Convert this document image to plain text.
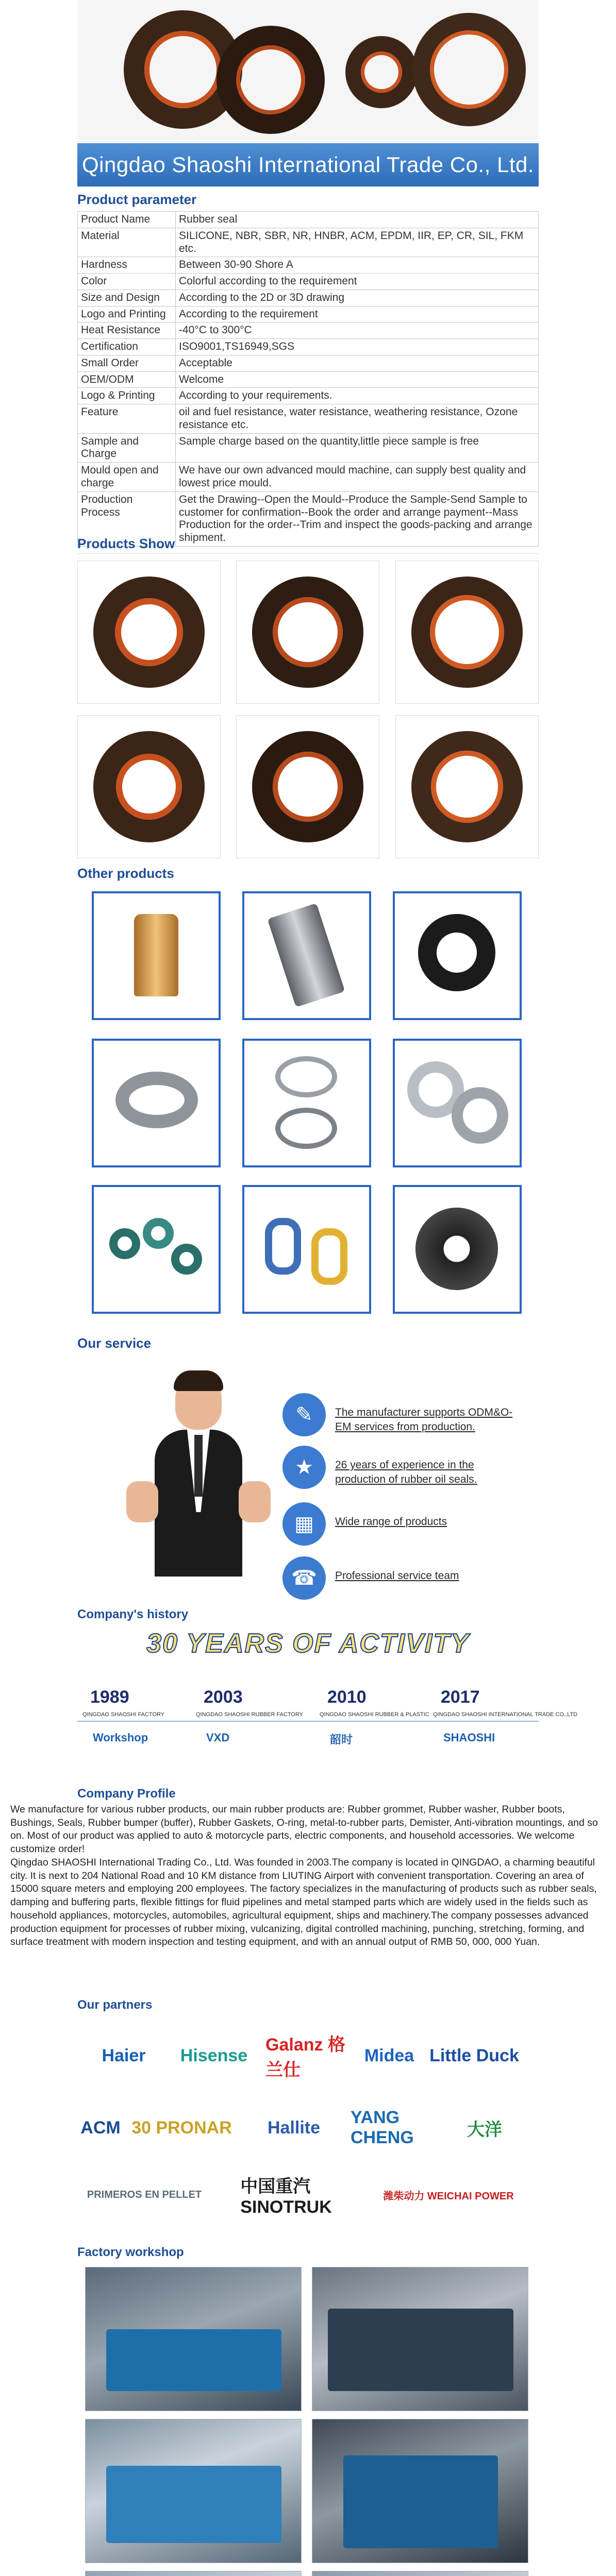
Qingdao Shaoshi International Trade Co., Ltd.
Product parameter
Product Name	Rubber seal
Material	SILICONE, NBR, SBR, NR, HNBR, ACM, EPDM, IIR, EP, CR, SIL, FKM etc.
Hardness	Between 30-90 Shore A
Color	Colorful according to the requirement
Size and Design	According to the 2D or 3D drawing
Logo and Printing	According to the requirement
Heat Resistance	-40°C to 300°C
Certification	ISO9001,TS16949,SGS
Small Order	Acceptable
OEM/ODM	Welcome
Logo & Printing	According to your requirements.
Feature	oil and fuel resistance, water resistance, weathering resistance, Ozone resistance etc.
Sample and Charge	Sample charge based on the quantity,little piece sample is free
Mould open and charge	We have our own advanced mould machine, can supply best quality and lowest price mould.
Production Process	Get the Drawing--Open the Mould--Produce the Sample-Send Sample to customer for confirmation--Book the order and arrange payment--Mass Production for the order--Trim and inspect the goods-packing and arrange shipment.
Products Show
Other products
Our service
✎	The manufacturer supports ODM&O-EM services from production.
★	26 years of experience in the production of rubber oil seals.
▦	Wide range of products
☎	Professional service team
Company's history
30 YEARS OF ACTIVITY
1989
QINGDAO SHAOSHI FACTORY
Workshop
2003
QINGDAO SHAOSHI RUBBER FACTORY
VXD
2010
QINGDAO SHAOSHI RUBBER & PLASTIC
韶时
2017
QINGDAO SHAOSHI INTERNATIONAL TRADE CO.,LTD
SHAOSHI
Company Profile

We manufacture for various rubber products, our main rubber products are: Rubber grommet, Rubber washer, Rubber boots, Bushings, Seals, Rubber bumper (buffer), Rubber Gaskets, O-ring, metal-to-rubber parts, Demister, Anti-vibration mountings, and so on. Most of our product was applied to auto & motorcycle parts, electric components, and household accessories. We welcome customize order!

Qingdao SHAOSHI International Trading Co., Ltd. Was founded in 2003.The company is located in QINGDAO, a charming beautiful city. It is next to 204 National Road and 10 KM distance from LIUTING Airport with convenient transportation. Covering an area of 15000 square meters and employing 200 employees. The factory specializes in the manufacturing of products such as rubber seals, damping and buffering parts, flexible fittings for fluid pipelines and metal stamped parts which are widely used in the fields such as household appliances, motorcycles, automobiles, agricultural equipment, ships and machinery.The company possesses advanced production equipment for processes of rubber mixing, vulcanizing, digital controlled machining, punching, stretching, forming, and surface treatment with modern inspection and testing equipment, and with an annual output of RMB 50, 000, 000 Yuan.

Our partners
Haier	Hisense
Galanz 格兰仕
Midea Little Duck
ACM 30 PRONAR	Hallite
YANG CHENG	大洋
PRIMEROS EN PELLET	中国重汽 SINOTRUK
潍柴动力 WEICHAI POWER
Factory workshop
